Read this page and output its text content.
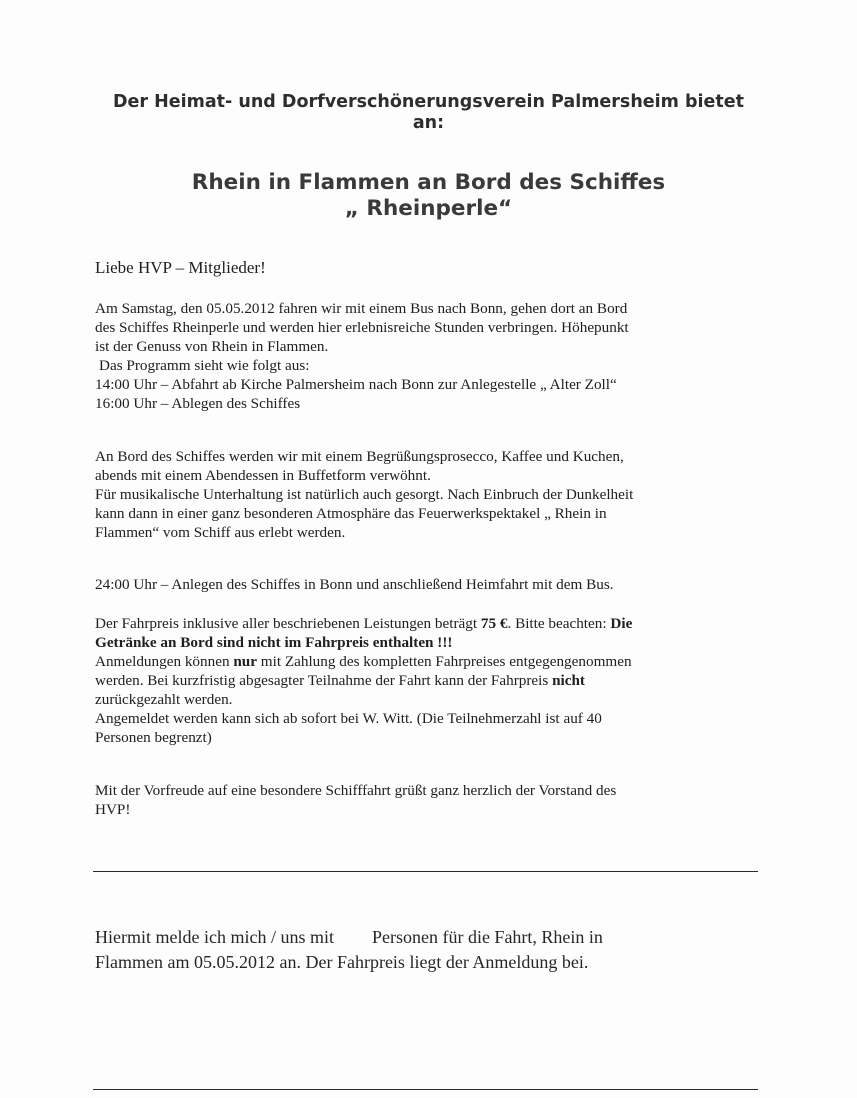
Der Heimat- und Dorfverschönerungsverein Palmersheim bietet
an:
Rhein in Flammen an Bord des Schiffes
„ Rheinperle“
Liebe HVP – Mitglieder!
Am Samstag, den 05.05.2012 fahren wir mit einem Bus nach Bonn, gehen dort an Bord
des Schiffes Rheinperle und werden hier erlebnisreiche Stunden verbringen. Höhepunkt
ist der Genuss von Rhein in Flammen.
Das Programm sieht wie folgt aus:
14:00 Uhr – Abfahrt ab Kirche Palmersheim nach Bonn zur Anlegestelle „ Alter Zoll“
16:00 Uhr – Ablegen des Schiffes
An Bord des Schiffes werden wir mit einem Begrüßungsprosecco, Kaffee und Kuchen,
abends mit einem Abendessen in Buffetform verwöhnt.
Für musikalische Unterhaltung ist natürlich auch gesorgt. Nach Einbruch der Dunkelheit
kann dann in einer ganz besonderen Atmosphäre das Feuerwerkspektakel „ Rhein in
Flammen“ vom Schiff aus erlebt werden.
24:00 Uhr – Anlegen des Schiffes in Bonn und anschließend Heimfahrt mit dem Bus.
Der Fahrpreis inklusive aller beschriebenen Leistungen beträgt 75 €. Bitte beachten: Die
Getränke an Bord sind nicht im Fahrpreis enthalten !!!
Anmeldungen können nur mit Zahlung des kompletten Fahrpreises entgegengenommen
werden. Bei kurzfristig abgesagter Teilnahme der Fahrt kann der Fahrpreis nicht
zurückgezahlt werden.
Angemeldet werden kann sich ab sofort bei W. Witt. (Die Teilnehmerzahl ist auf 40
Personen begrenzt)
Mit der Vorfreude auf eine besondere Schifffahrt grüßt ganz herzlich der Vorstand des
HVP!
Hiermit melde ich mich / uns mit Personen für die Fahrt, Rhein in
Flammen am 05.05.2012 an. Der Fahrpreis liegt der Anmeldung bei.
